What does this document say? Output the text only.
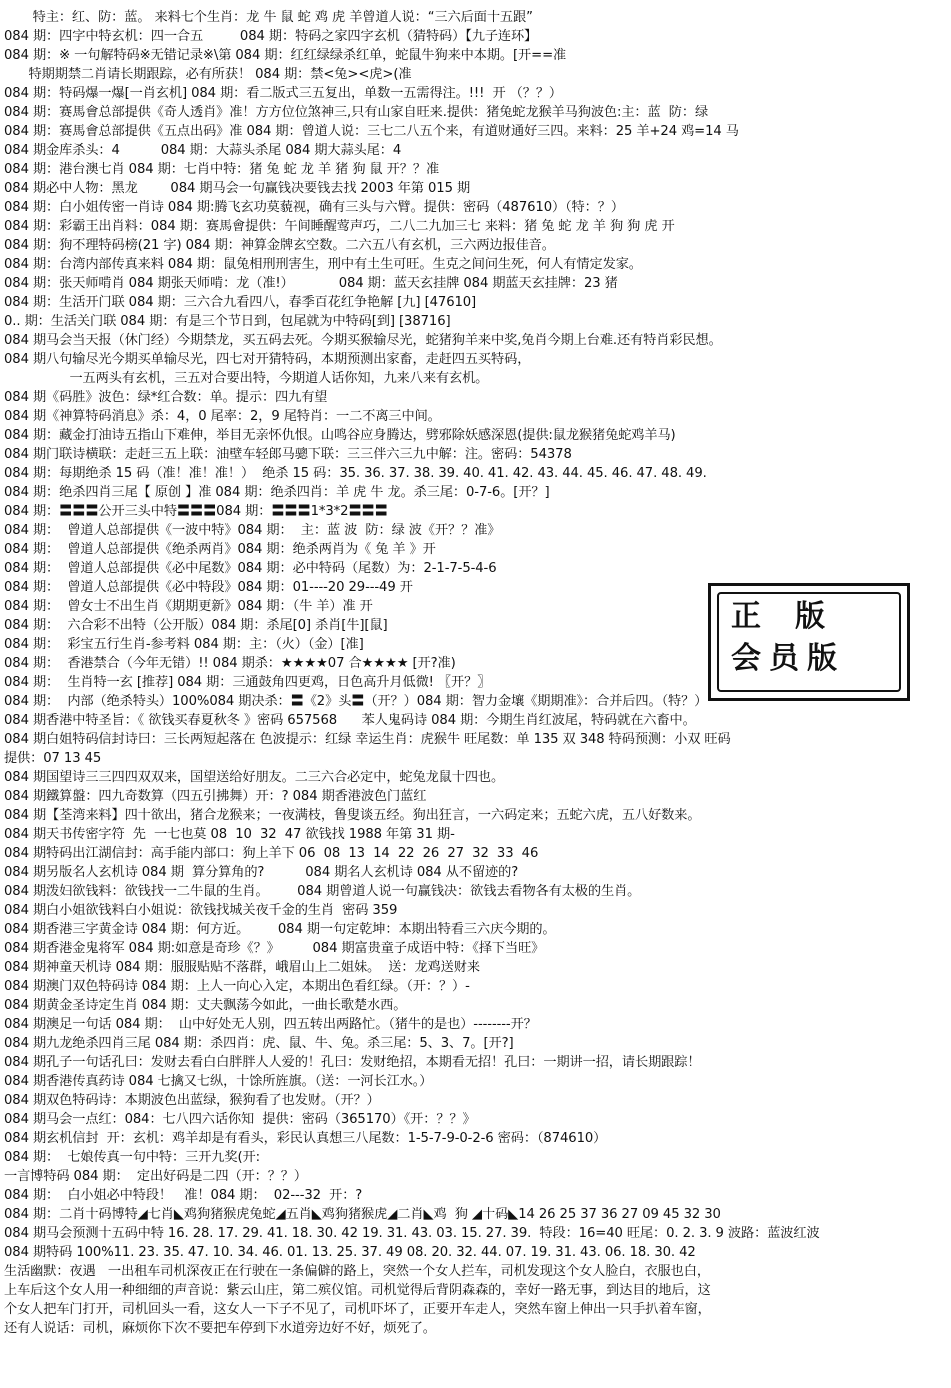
特主：红、防：蓝。 来料七个生肖：龙 牛 鼠 蛇 鸡 虎 羊曾道人说：“三六后面十五跟”
084 期：四字中特玄机：四一合五         084 期：特码之家四字玄机（猜特码）【九子连环】
084 期：※ 一句解特码※无错记录※\第 084 期：红红绿绿杀红单，蛇鼠牛狗来中本期。[开==准
特期期禁二肖请长期跟踪，必有所获！ 084 期：禁<兔><虎>(准
084 期：特码爆一爆[一肖玄机] 084 期：看二版式三五复出，单数一五需得注。!!!  开 （？？）
084 期：赛馬會总部提供《奇人透肖》准！方方位位煞神三,只有山家自旺来.提供：猪兔蛇龙猴羊马狗波色:主：蓝  防：绿
084 期：赛馬會总部提供《五点出码》准 084 期：曾道人说：三七二八五个来，有道财通好三四。来料：25 羊+24 鸡=14 马
084 期金库杀头：4          084 期：大蒜头杀尾 084 期大蒜头尾：4
084 期：港台澳七肖 084 期：七肖中特：猪 兔 蛇 龙 羊 猪 狗 鼠 开？？准
084 期必中人物：黑龙        084 期马会一句赢钱决要钱去找 2003 年第 015 期
084 期：白小姐传密一肖诗 084 期:腾飞玄功莫藐视，确有三头与六臂。提供：密码（487610）（特：？）
084 期：彩霸王出肖料：084 期：赛馬會提供：午间睡醒莺声巧，二八二九加三七 来料：猪 兔 蛇 龙 羊 狗 狗 虎 开
084 期：狗不理特码榜(21 字) 084 期：神算金牌玄空数。二六五八有玄机，三六两边报佳音。
084 期：台湾内部传真来料 084 期：鼠兔相刑刑害生，刑中有土生可旺。生克之间问生死，何人有情定发家。
084 期：张天师啃肖 084 期张天师啃：龙（准!）           084 期：蓝天玄挂牌 084 期蓝天玄挂牌：23 猪
084 期：生活开门联 084 期：三六合九看四八，春季百花红争艳解 [九] [47610]
0.. 期：生活关门联 084 期：有是三个节日到，包尾就为中特码[到] [38716]
084 期马会当天报（休门经）今期禁龙，买五码去死。今期买猴输尽光，蛇猪狗羊来中奖,兔肖今期上台难.还有特肖彩民想。
084 期八句输尽光今期买单输尽光，四七对开猜特码，本期预测出家畜，走赶四五买特码，
一五两头有玄机，三五对合要出特，今期道人话你知，九来八来有玄机。
084 期《码胜》波色：绿*红合数：单。提示：四九有望
084 期《神算特码消息》杀：4，0 尾率：2，9 尾特肖：一二不离三中间。
084 期：藏金打油诗五指山下难伸，举目无亲怀仇恨。山鸣谷应身腾达，劈邪除妖感深恩(提供:鼠龙猴猪兔蛇鸡羊马)
084 期门联诗横联：走赶三五上联：油壁车轻郎马骢下联：三三伴六三九中解：注。密码：54378
084 期：每期绝杀 15 码（准！准！准！）  绝杀 15 码：35. 36. 37. 38. 39. 40. 41. 42. 43. 44. 45. 46. 47. 48. 49.
084 期：绝杀四肖三尾【 原创 】准 084 期：绝杀四肖：羊 虎 牛 龙。杀三尾：0-7-6。[开？]
084 期：〓〓〓公开三头中特〓〓〓084 期：〓〓〓1*3*2〓〓〓
084 期：  曾道人总部提供《一波中特》084 期：  主：蓝 波  防：绿 波《开？？准》
084 期：  曾道人总部提供《绝杀两肖》084 期：绝杀两肖为《 兔 羊 》开
084 期：  曾道人总部提供《必中尾数》084 期：必中特码（尾数）为：2-1-7-5-4-6
084 期：  曾道人总部提供《必中特段》084 期：01----20 29---49 开
084 期：  曾女士不出生肖《期期更新》084 期：（牛 羊）准 开
084 期：  六合彩不出特（公开版）084 期：杀尾[0] 杀肖[牛][鼠]
084 期：  彩宝五行生肖-参考料 084 期：主：（火）（金）[准]
084 期：  香港禁合（今年无错）!! 084 期杀：★★★★07 合★★★★ [开?准)
084 期：  生肖特一玄 [推荐] 084 期：三通鼓角四更鸡，日色高升月低微! 〖开？〗
084 期：  内部（绝杀特头）100%084 期决杀：〓《2》头〓（开？）084 期：智力金壤《期期准》：合并后四。（特？）
084 期香港中特圣旨：《 欲钱买春夏秋冬 》密码 657568      苯人鬼码诗 084 期：今期生肖红波尾，特码就在六畜中。
084 期白姐特码信封诗曰：三长两短起落在 色波提示：红绿 幸运生肖：虎猴牛 旺尾数：单 135 双 348 特码预测：小双 旺码
提供：07 13 45
084 期国望诗三三四四双双来，国望送给好朋友。二三六合必定中，蛇兔龙鼠十四也。
084 期鐵算盤：四九奇数算（四五引拂舞）开：? 084 期香港波色门蓝红
084 期【荃湾来料】四十欲出，猪合龙猴来；一夜满枝，鲁叟谈五经。狗出狂言，一六码定来；五蛇六虎，五八好数来。
084 期天书传密字符  先  一七也莫 08  10  32  47 欲钱找 1988 年第 31 期-
084 期特码出江湖信封：高手能内部口：狗上羊下 06  08  13  14  22  26  27  32  33  46
084 期另版名人玄机诗 084 期  算分算角的?          084 期名人玄机诗 084 从不留迹的?
084 期泼妇欲钱料：欲钱找一二牛鼠的生肖。       084 期曾道人说一句赢钱决：欲钱去看物各有太极的生肖。
084 期白小姐欲钱料白小姐说：欲钱找城关夜千金的生肖  密码 359
084 期香港三字黄金诗 084 期：何方近。       084 期一句定乾坤：本期出特看三六庆今期的。
084 期香港金鬼将军 084 期:如意是奇珍《？》        084 期富贵童子成语中特：《择下当旺》
084 期神童天机诗 084 期：服服贴贴不落群，峨眉山上二姐妹。  送：龙鸡送财来
084 期澳门双色特码诗 084 期：上人一向心入定，本期出色看红绿。（开：？）-
084 期黄金圣诗定生肖 084 期：丈夫飘荡今如此，一曲长歌楚水西。
084 期澳足一句话 084 期：  山中好处无人别，四五转出两路忙。（猪牛的是也）--------开？
084 期九龙绝杀四肖三尾 084 期：杀四肖：虎、鼠、牛、兔。杀三尾：5、3、7。[开?]
084 期孔子一句话孔曰：发财去看白白胖胖人人爱的！孔曰：发财绝招，本期看无招！孔曰：一期讲一招，请长期跟踪！
084 期香港传真药诗 084 七擒又七纵，十馀所旌旗。（送：一河长江水。）
084 期双色特码诗：本期波色出蓝绿，猴狗看了也发财。（开？）
084 期马会一点红：084：七八四六话你知  提供：密码（365170）《开：？？》
084 期玄机信封  开：玄机：鸡羊却是有看头，彩民认真想三八尾数：1-5-7-9-0-2-6 密码：（874610）
084 期：  七娘传真一句中特：三开九奖(开:
一言博特码 084 期：  定出好码是二四（开：？？）
084 期：  白小姐必中特段！   准！084 期：  02---32  开：?
084 期：二肖十码博特◢七肖◣鸡狗猪猴虎兔蛇◢五肖◣鸡狗猪猴虎◢二肖◣鸡  狗 ◢十码◣14 26 25 37 36 27 09 45 32 30
084 期马会预测十五码中特 16. 28. 17. 29. 41. 18. 30. 42 19. 31. 43. 03. 15. 27. 39.  特段：16=40 旺尾：0. 2. 3. 9 波路：蓝波红波
084 期特码 100%11. 23. 35. 47. 10. 34. 46. 01. 13. 25. 37. 49 08. 20. 32. 44. 07. 19. 31. 43. 06. 18. 30. 42
生活幽默：夜遇   一出租车司机深夜正在行驶在一条偏僻的路上，突然一个女人拦车，司机发现这个女人脸白，衣服也白，
上车后这个女人用一种细细的声音说：紫云山庄，第二殡仪馆。司机觉得后背阴森森的，幸好一路无事，到达目的地后，这
个女人把车门打开，司机回头一看，这女人一下子不见了，司机吓坏了，正要开车走人，突然车窗上伸出一只手扒着车窗，
还有人说话：司机，麻烦你下次不要把车停到下水道旁边好不好，烦死了。
正版
会员版
